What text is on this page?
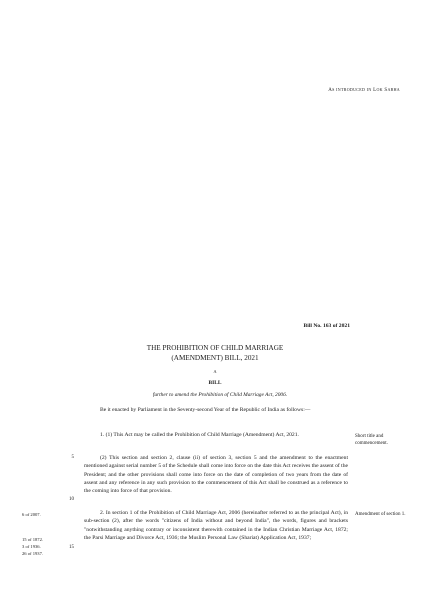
As introduced in Lok Sabha
Bill No. 163 of 2021
THE PROHIBITION OF CHILD MARRIAGE
(AMENDMENT) BILL, 2021
A
BILL
further to amend the Prohibition of Child Marriage Act, 2006.
Be it enacted by Parliament in the Seventy-second Year of the Republic of India as follows:—
1. (1) This Act may be called the Prohibition of Child Marriage (Amendment) Act, 2021.
(2) This section and section 2, clause (ii) of section 3, section 5 and the amendment to the enactment mentioned against serial number 5 of the Schedule shall come into force on the date this Act receives the assent of the President; and the other provisions shall come into force on the date of completion of two years from the date of assent and any reference in any such provision to the commencement of this Act shall be construed as a reference to the coming into force of that provision.
2. In section 1 of the Prohibition of Child Marriage Act, 2006 (hereinafter referred to as the principal Act), in sub-section (2), after the words "citizens of India without and beyond India", the words, figures and brackets "notwithstanding anything contrary or inconsistent therewith contained in the Indian Christian Marriage Act, 1872; the Parsi Marriage and Divorce Act, 1936; the Muslim Personal Law (Shariat) Application Act, 1937;
Short title and commencement.
Amendment of section 1.
5
10
15
6 of 2007.
15 of 1872.
3 of 1936.
26 of 1937.
